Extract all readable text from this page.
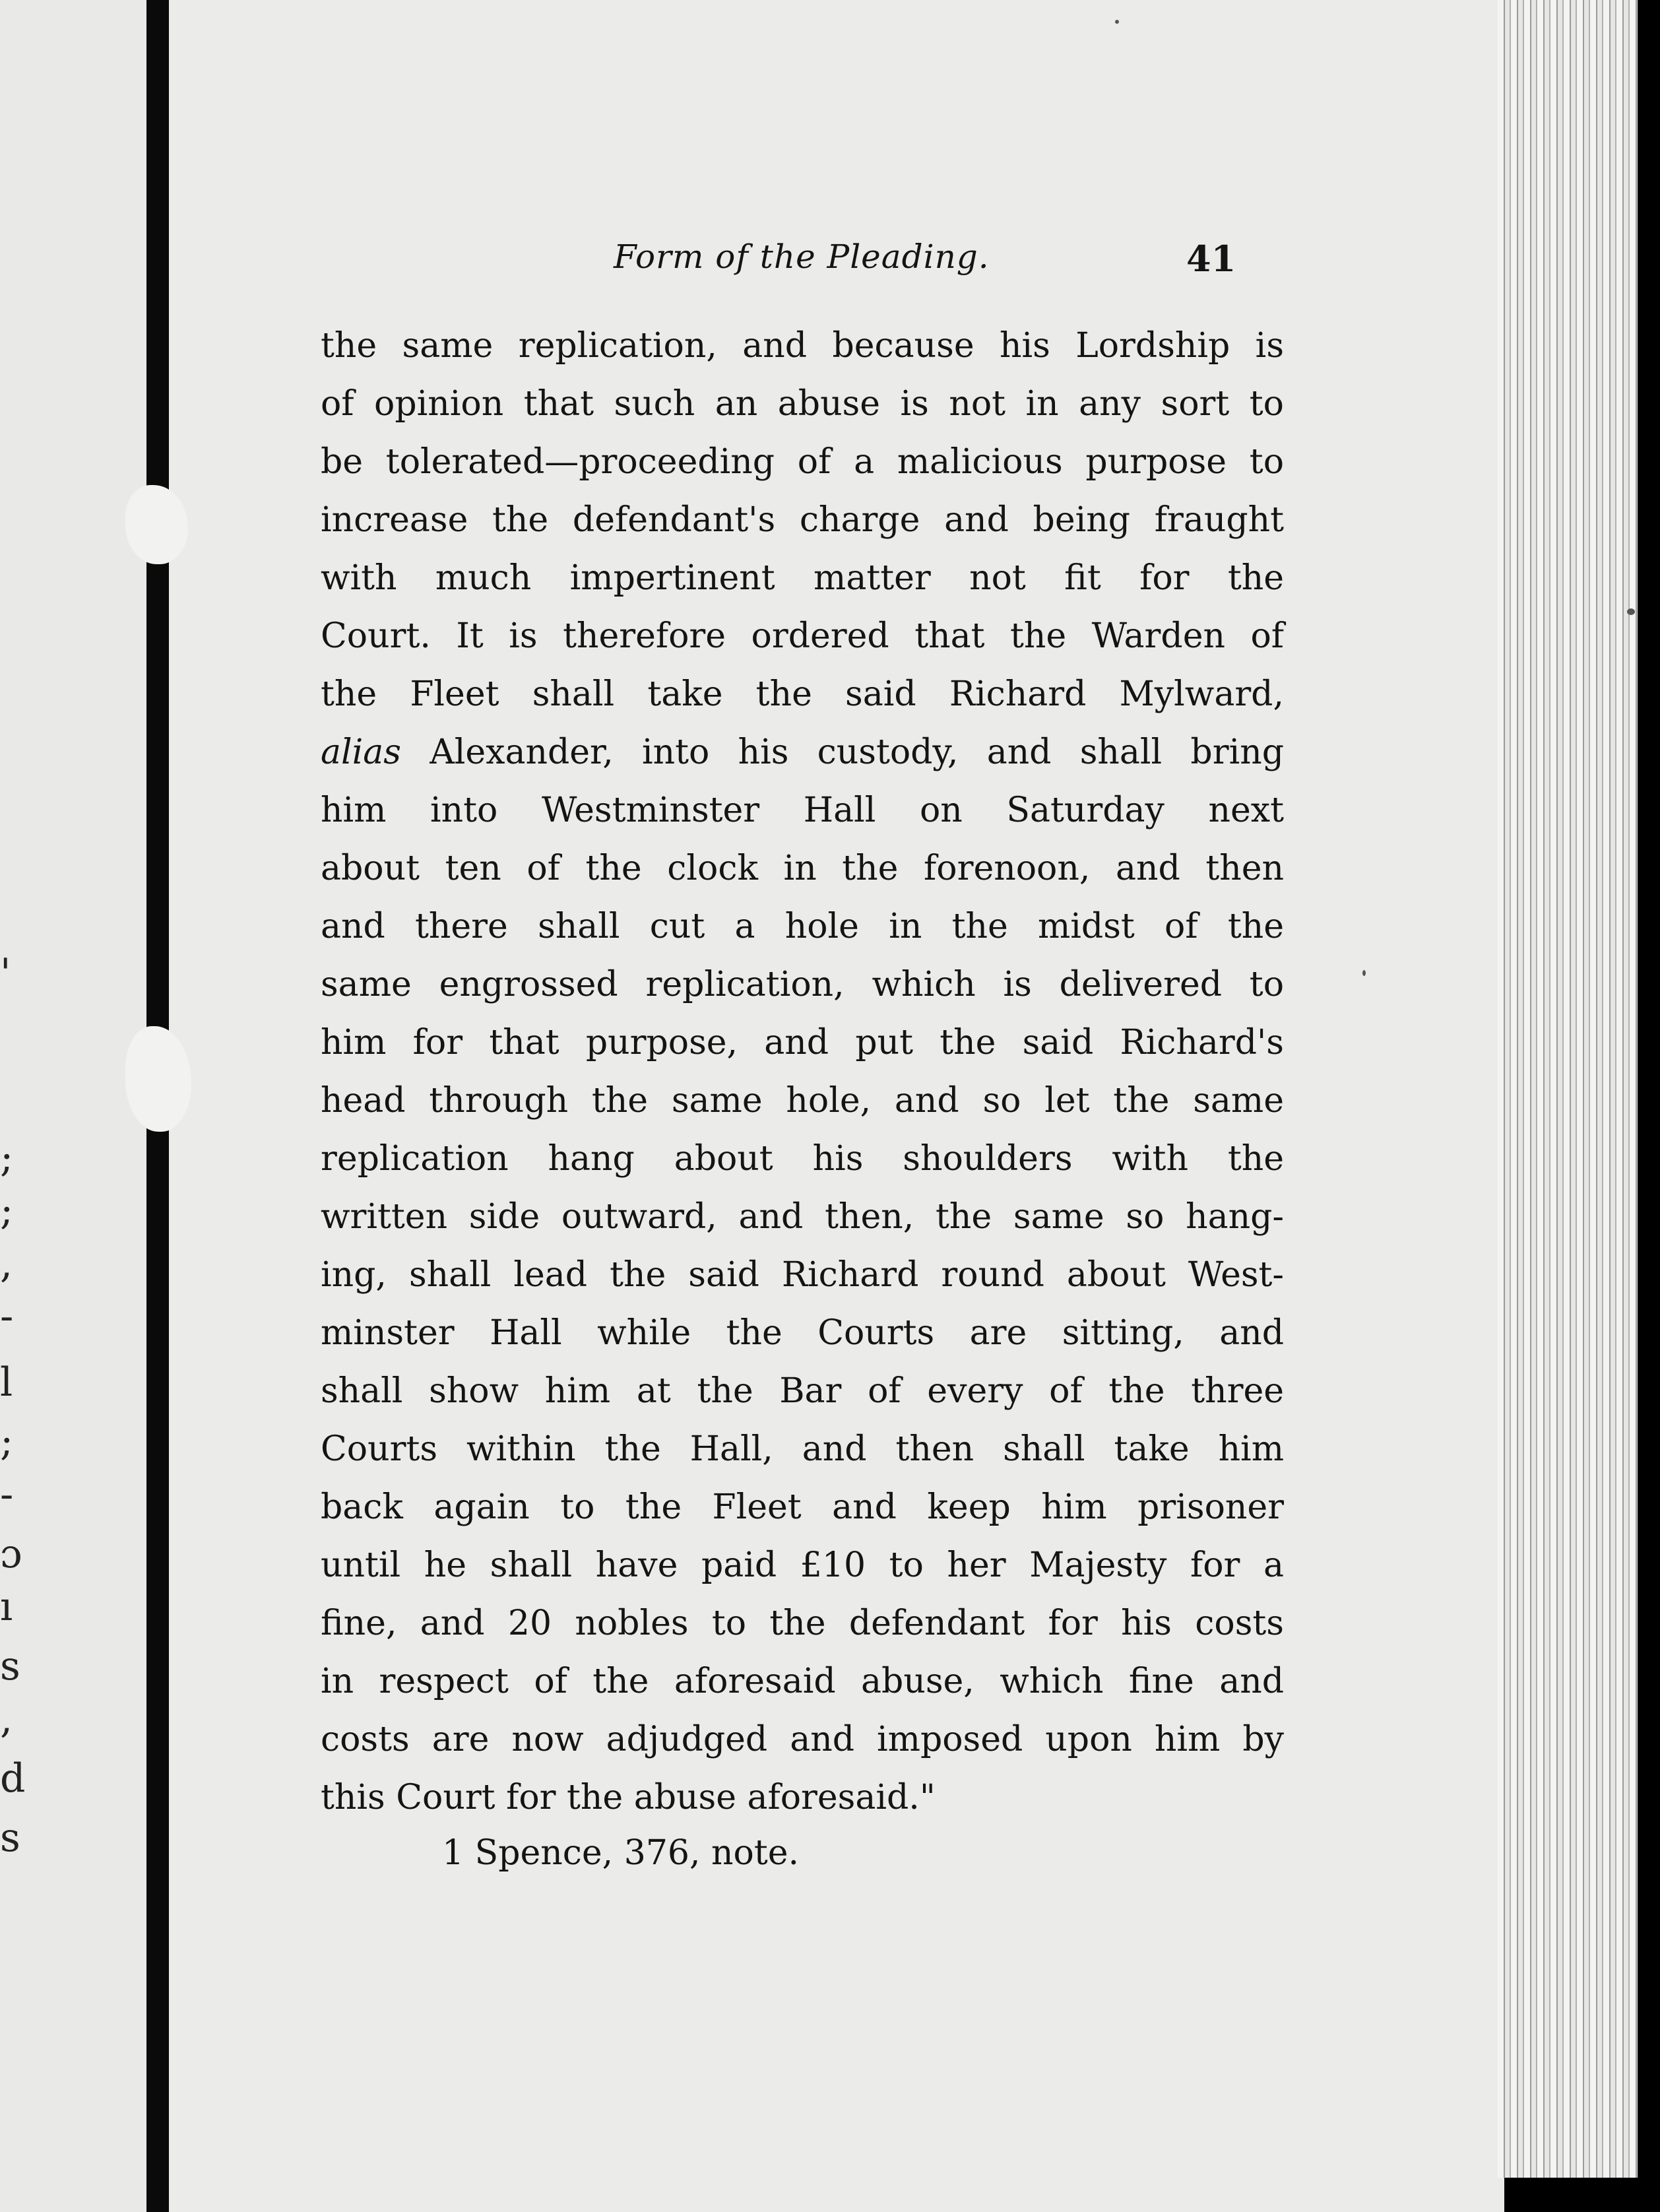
'
;
;
,
-
l
;
-
ɔ
ı
s
,
d
s
Form of the Pleading.	41
the same replication, and because his Lordship is
of opinion that such an abuse is not in any sort to
be tolerated—proceeding of a malicious purpose to
increase the defendant's charge and being fraught
with much impertinent matter not fit for the
Court. It is therefore ordered that the Warden of
the Fleet shall take the said Richard Mylward,
alias Alexander, into his custody, and shall bring
him into Westminster Hall on Saturday next
about ten of the clock in the forenoon, and then
and there shall cut a hole in the midst of the
same engrossed replication, which is delivered to
him for that purpose, and put the said Richard's
head through the same hole, and so let the same
replication hang about his shoulders with the
written side outward, and then, the same so hang-
ing, shall lead the said Richard round about West-
minster Hall while the Courts are sitting, and
shall show him at the Bar of every of the three
Courts within the Hall, and then shall take him
back again to the Fleet and keep him prisoner
until he shall have paid £10 to her Majesty for a
fine, and 20 nobles to the defendant for his costs
in respect of the aforesaid abuse, which fine and
costs are now adjudged and imposed upon him by
this Court for the abuse aforesaid."
1 Spence, 376, note.
